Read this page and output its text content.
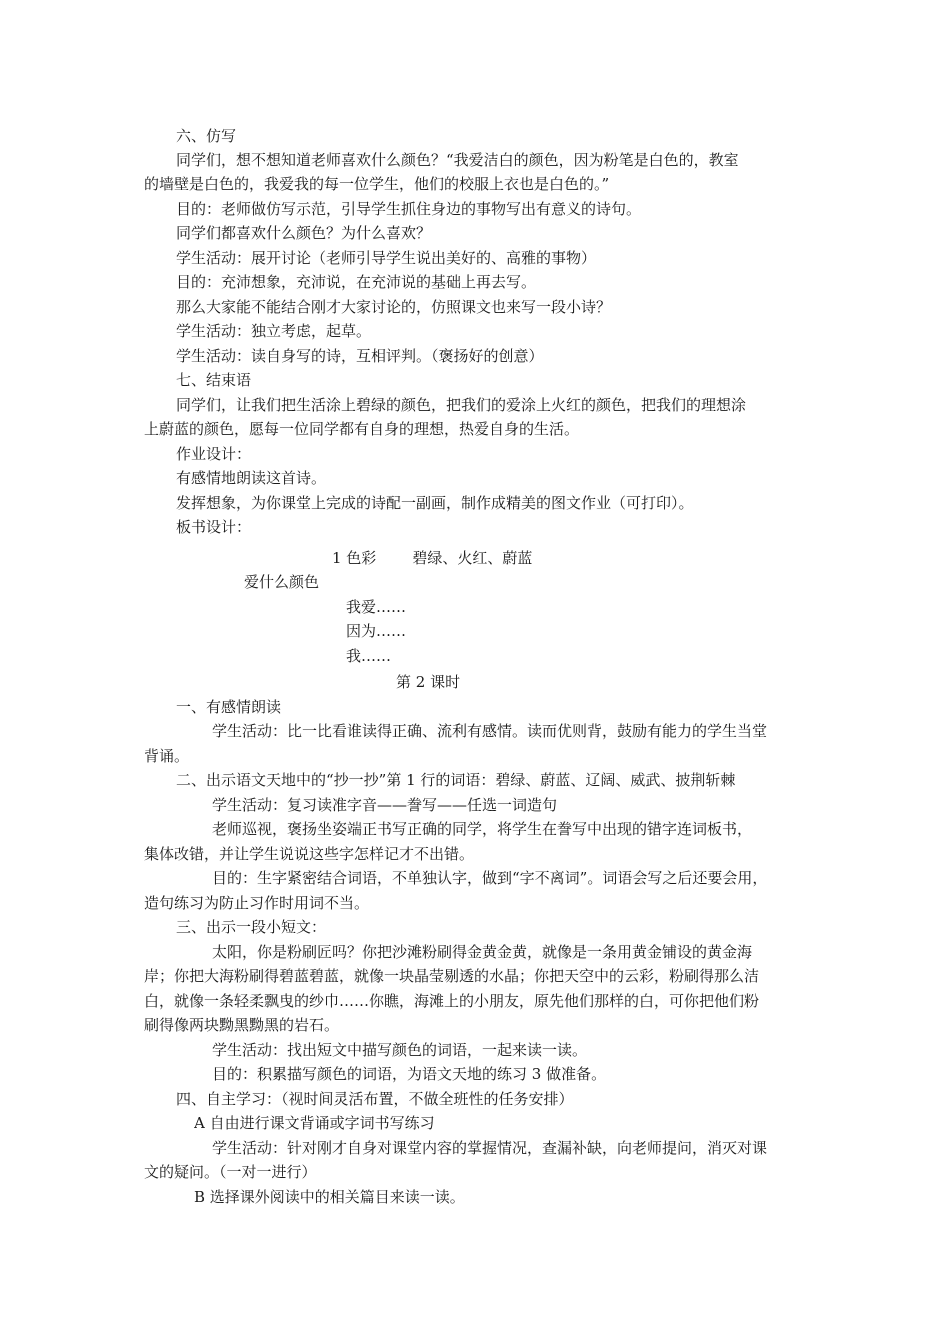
六、仿写
同学们，想不想知道老师喜欢什么颜色？“我爱洁白的颜色，因为粉笔是白色的，教室
的墙壁是白色的，我爱我的每一位学生，他们的校服上衣也是白色的。”
目的：老师做仿写示范，引导学生抓住身边的事物写出有意义的诗句。
同学们都喜欢什么颜色？为什么喜欢？
学生活动：展开讨论（老师引导学生说出美好的、高雅的事物）
目的：充沛想象，充沛说，在充沛说的基础上再去写。
那么大家能不能结合刚才大家讨论的，仿照课文也来写一段小诗？
学生活动：独立考虑，起草。
学生活动：读自身写的诗，互相评判。（褒扬好的创意）
七、结束语
同学们，让我们把生活涂上碧绿的颜色，把我们的爱涂上火红的颜色，把我们的理想涂
上蔚蓝的颜色，愿每一位同学都有自身的理想，热爱自身的生活。
作业设计：
有感情地朗读这首诗。
发挥想象，为你课堂上完成的诗配一副画，制作成精美的图文作业（可打印）。
板书设计：
1 色彩 碧绿、火红、蔚蓝
爱什么颜色
我爱……
因为……
我……
第 2 课时
一、有感情朗读
学生活动：比一比看谁读得正确、流利有感情。读而优则背，鼓励有能力的学生当堂
背诵。
二、出示语文天地中的“抄一抄”第 1 行的词语：碧绿、蔚蓝、辽阔、威武、披荆斩棘
学生活动：复习读准字音——誊写——任选一词造句
老师巡视，褒扬坐姿端正书写正确的同学，将学生在誊写中出现的错字连词板书，
集体改错，并让学生说说这些字怎样记才不出错。
目的：生字紧密结合词语，不单独认字，做到“字不离词”。词语会写之后还要会用，
造句练习为防止习作时用词不当。
三、出示一段小短文：
太阳，你是粉刷匠吗？你把沙滩粉刷得金黄金黄，就像是一条用黄金铺设的黄金海
岸；你把大海粉刷得碧蓝碧蓝，就像一块晶莹剔透的水晶；你把天空中的云彩，粉刷得那么洁
白，就像一条轻柔飘曳的纱巾……你瞧，海滩上的小朋友，原先他们那样的白，可你把他们粉
刷得像两块黝黑黝黑的岩石。
学生活动：找出短文中描写颜色的词语，一起来读一读。
目的：积累描写颜色的词语，为语文天地的练习 3 做准备。
四、自主学习：（视时间灵活布置，不做全班性的任务安排）
A 自由进行课文背诵或字词书写练习
学生活动：针对刚才自身对课堂内容的掌握情况，查漏补缺，向老师提问，消灭对课
文的疑问。（一对一进行）
B 选择课外阅读中的相关篇目来读一读。
